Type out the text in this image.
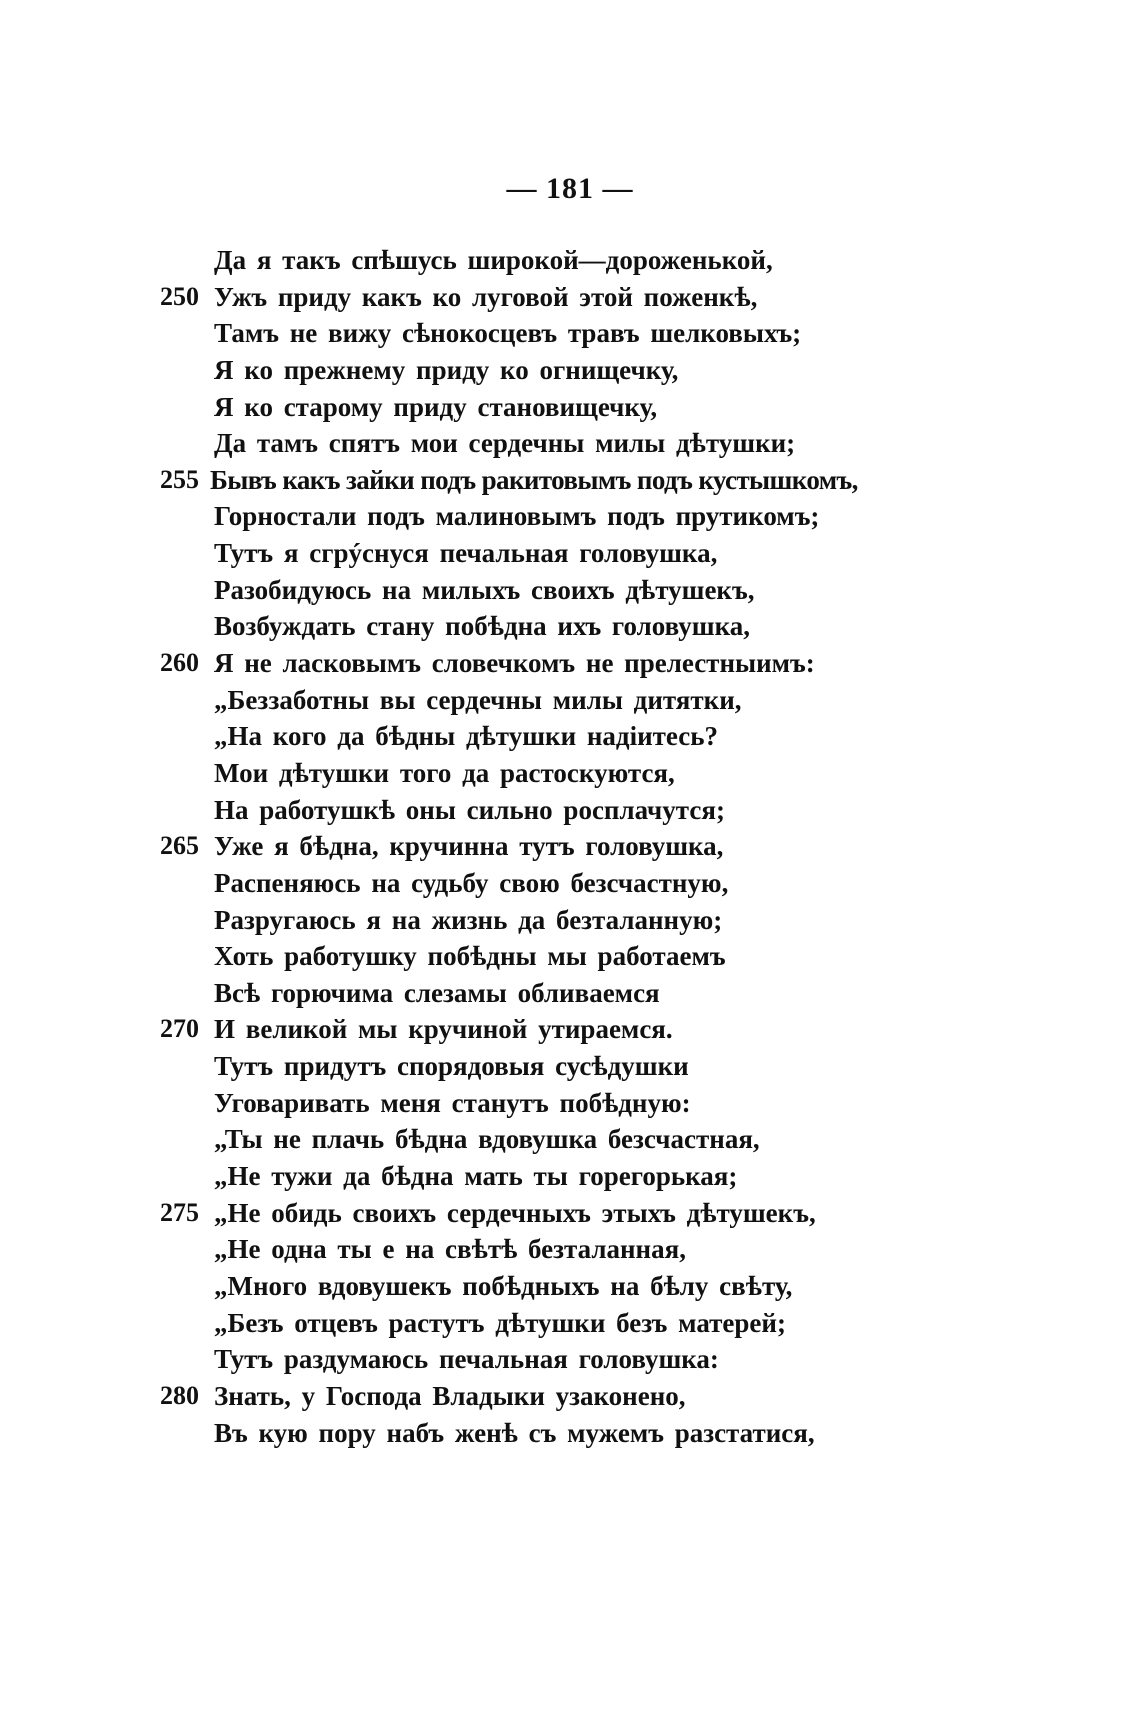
— 181 —
Да я такъ спѣшусь широкой—дороженькой,
250 Ужъ приду какъ ко луговой этой поженкѣ,
Тамъ не вижу сѣнокосцевъ травъ шелковыхъ;
Я ко прежнему приду ко огнищечку,
Я ко старому приду становищечку,
Да тамъ спятъ мои сердечны милы дѣтушки;
255 Бывъ какъ зайки подъ ракитовымъ подъ кустышкомъ,
Горностали подъ малиновымъ подъ прутикомъ;
Тутъ я сгрýснуся печальная головушка,
Разобидуюсь на милыхъ своихъ дѣтушекъ,
Возбуждать стану побѣдна ихъ головушка,
260 Я не ласковымъ словечкомъ не прелестныимъ:
„Беззаботны вы сердечны милы дитятки,
„На кого да бѣдны дѣтушки надiитесь?
Мои дѣтушки того да растоскуются,
На работушкѣ оны сильно росплачутся;
265 Уже я бѣдна, кручинна тутъ головушка,
Распеняюсь на судьбу свою безсчастную,
Разругаюсь я на жизнь да безталанную;
Хоть работушку побѣдны мы работаемъ
Всѣ горючима слезамы обливаемся
270 И великой мы кручиной утираемся.
Тутъ придутъ спорядовыя сусѣдушки
Уговаривать меня станутъ побѣдную:
„Ты не плачь бѣдна вдовушка безсчастная,
„Не тужи да бѣдна мать ты горегорькая;
275 „Не обидь своихъ сердечныхъ этыхъ дѣтушекъ,
„Не одна ты е на свѣтѣ безталанная,
„Много вдовушекъ побѣдныхъ на бѣлу свѣту,
„Безъ отцевъ растутъ дѣтушки безъ матерей;
Тутъ раздумаюсь печальная головушка:
280 Знать, у Господа Владыки узаконено,
Въ кую пору набъ женѣ съ мужемъ разстатися,
